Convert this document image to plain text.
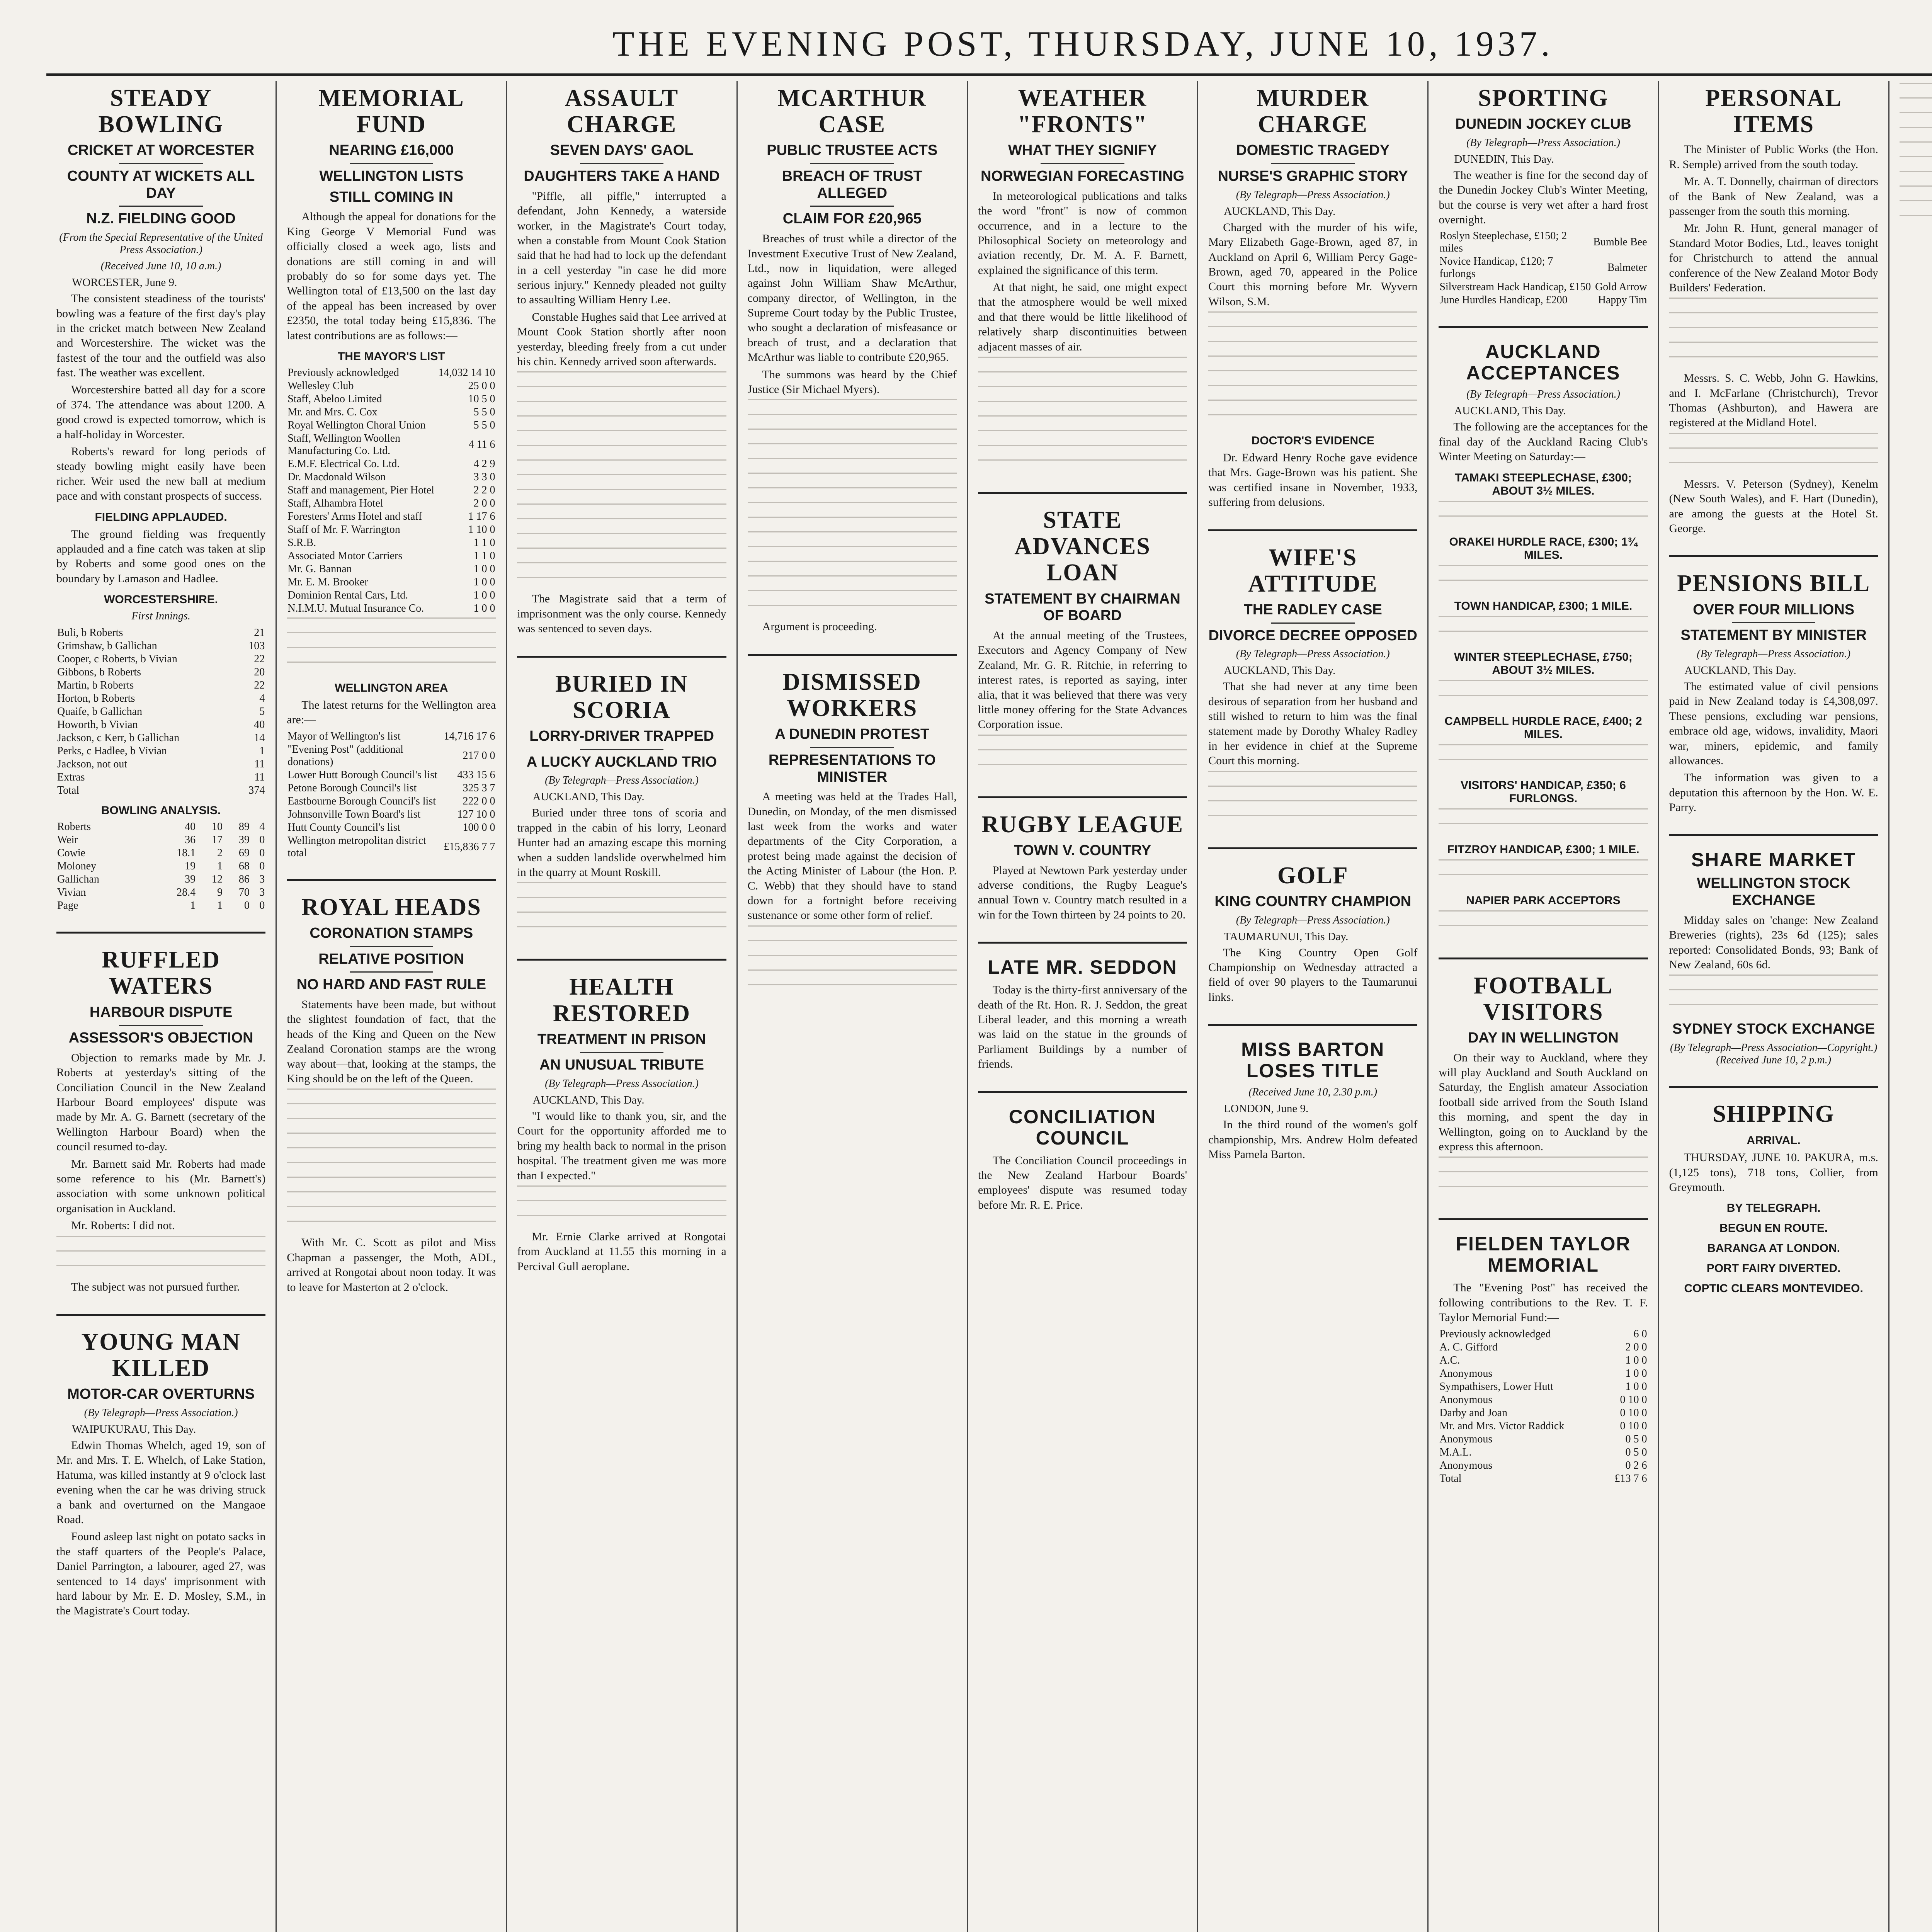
THE EVENING POST, THURSDAY, JUNE 10, 1937.
STEADY BOWLING
CRICKET AT WORCESTER
COUNTY AT WICKETS ALL DAY
N.Z. FIELDING GOOD
(From the Special Representative of the United Press Association.)
(Received June 10, 10 a.m.)
WORCESTER, June 9.

The consistent steadiness of the tourists' bowling was a feature of the first day's play in the cricket match between New Zealand and Worcestershire. The wicket was the fastest of the tour and the outfield was also fast. The weather was excellent.

Worcestershire batted all day for a score of 374. The attendance was about 1200. A good crowd is expected tomorrow, which is a half-holiday in Worcester.

Roberts's reward for long periods of steady bowling might easily have been richer. Weir used the new ball at medium pace and with constant prospects of success.

FIELDING APPLAUDED.

The ground fielding was frequently applauded and a fine catch was taken at slip by Roberts and some good ones on the boundary by Lamason and Hadlee.

WORCESTERSHIRE.
First Innings.
Buli, b Roberts	21
Grimshaw, b Gallichan	103
Cooper, c Roberts, b Vivian	22
Gibbons, b Roberts	20
Martin, b Roberts	22
Horton, b Roberts	4
Quaife, b Gallichan	5
Howorth, b Vivian	40
Jackson, c Kerr, b Gallichan	14
Perks, c Hadlee, b Vivian	1
Jackson, not out	11
Extras	11
Total	374
BOWLING ANALYSIS.
Roberts	40	10	89	4
Weir	36	17	39	0
Cowie	18.1	2	69	0
Moloney	19	1	68	0
Gallichan	39	12	86	3
Vivian	28.4	9	70	3
Page	1	1	0	0
RUFFLED WATERS
HARBOUR DISPUTE
ASSESSOR'S OBJECTION

Objection to remarks made by Mr. J. Roberts at yesterday's sitting of the Conciliation Council in the New Zealand Harbour Board employees' dispute was made by Mr. A. G. Barnett (secretary of the Wellington Harbour Board) when the council resumed to-day.

Mr. Barnett said Mr. Roberts had made some reference to his (Mr. Barnett's) association with some unknown political organisation in Auckland.

Mr. Roberts: I did not.

The subject was not pursued further.

YOUNG MAN KILLED
MOTOR-CAR OVERTURNS
(By Telegraph—Press Association.)
WAIPUKURAU, This Day.

Edwin Thomas Whelch, aged 19, son of Mr. and Mrs. T. E. Whelch, of Lake Station, Hatuma, was killed instantly at 9 o'clock last evening when the car he was driving struck a bank and overturned on the Mangaoe Road.

Found asleep last night on potato sacks in the staff quarters of the People's Palace, Daniel Parrington, a labourer, aged 27, was sentenced to 14 days' imprisonment with hard labour by Mr. E. D. Mosley, S.M., in the Magistrate's Court today.

MEMORIAL FUND
NEARING £16,000
WELLINGTON LISTS
STILL COMING IN

Although the appeal for donations for the King George V Memorial Fund was officially closed a week ago, lists and donations are still coming in and will probably do so for some days yet. The Wellington total of £13,500 on the last day of the appeal has been increased by over £2350, the total today being £15,836. The latest contributions are as follows:—

THE MAYOR'S LIST
Previously acknowledged	14,032 14 10
Wellesley Club	25 0 0
Staff, Abeloo Limited	10 5 0
Mr. and Mrs. C. Cox	5 5 0
Royal Wellington Choral Union	5 5 0
Staff, Wellington Woollen Manufacturing Co. Ltd.	4 11 6
E.M.F. Electrical Co. Ltd.	4 2 9
Dr. Macdonald Wilson	3 3 0
Staff and management, Pier Hotel	2 2 0
Staff, Alhambra Hotel	2 0 0
Foresters' Arms Hotel and staff	1 17 6
Staff of Mr. F. Warrington	1 10 0
S.R.B.	1 1 0
Associated Motor Carriers	1 1 0
Mr. G. Bannan	1 0 0
Mr. E. M. Brooker	1 0 0
Dominion Rental Cars, Ltd.	1 0 0
N.I.M.U. Mutual Insurance Co.	1 0 0
WELLINGTON AREA

The latest returns for the Wellington area are:—

Mayor of Wellington's list	14,716 17 6
"Evening Post" (additional donations)	217 0 0
Lower Hutt Borough Council's list	433 15 6
Petone Borough Council's list	325 3 7
Eastbourne Borough Council's list	222 0 0
Johnsonville Town Board's list	127 10 0
Hutt County Council's list	100 0 0
Wellington metropolitan district total	£15,836 7 7
ROYAL HEADS
CORONATION STAMPS
RELATIVE POSITION
NO HARD AND FAST RULE

Statements have been made, but without the slightest foundation of fact, that the heads of the King and Queen on the New Zealand Coronation stamps are the wrong way about—that, looking at the stamps, the King should be on the left of the Queen.

With Mr. C. Scott as pilot and Miss Chapman a passenger, the Moth, ADL, arrived at Rongotai about noon today. It was to leave for Masterton at 2 o'clock.

ASSAULT CHARGE
SEVEN DAYS' GAOL
DAUGHTERS TAKE A HAND

"Piffle, all piffle," interrupted a defendant, John Kennedy, a waterside worker, in the Magistrate's Court today, when a constable from Mount Cook Station said that he had had to lock up the defendant in a cell yesterday "in case he did more serious injury." Kennedy pleaded not guilty to assaulting William Henry Lee.

Constable Hughes said that Lee arrived at Mount Cook Station shortly after noon yesterday, bleeding freely from a cut under his chin. Kennedy arrived soon afterwards.

The Magistrate said that a term of imprisonment was the only course. Kennedy was sentenced to seven days.

BURIED IN SCORIA
LORRY-DRIVER TRAPPED
A LUCKY AUCKLAND TRIO
(By Telegraph—Press Association.)
AUCKLAND, This Day.

Buried under three tons of scoria and trapped in the cabin of his lorry, Leonard Hunter had an amazing escape this morning when a sudden landslide overwhelmed him in the quarry at Mount Roskill.

HEALTH RESTORED
TREATMENT IN PRISON
AN UNUSUAL TRIBUTE
(By Telegraph—Press Association.)
AUCKLAND, This Day.

"I would like to thank you, sir, and the Court for the opportunity afforded me to bring my health back to normal in the prison hospital. The treatment given me was more than I expected."

Mr. Ernie Clarke arrived at Rongotai from Auckland at 11.55 this morning in a Percival Gull aeroplane.

MCARTHUR CASE
PUBLIC TRUSTEE ACTS
BREACH OF TRUST ALLEGED
CLAIM FOR £20,965

Breaches of trust while a director of the Investment Executive Trust of New Zealand, Ltd., now in liquidation, were alleged against John William Shaw McArthur, company director, of Wellington, in the Supreme Court today by the Public Trustee, who sought a declaration of misfeasance or breach of trust, and a declaration that McArthur was liable to contribute £20,965.

The summons was heard by the Chief Justice (Sir Michael Myers).

Argument is proceeding.

DISMISSED WORKERS
A DUNEDIN PROTEST
REPRESENTATIONS TO MINISTER

A meeting was held at the Trades Hall, Dunedin, on Monday, of the men dismissed last week from the works and water departments of the City Corporation, a protest being made against the decision of the Acting Minister of Labour (the Hon. P. C. Webb) that they should have to stand down for a fortnight before receiving sustenance or some other form of relief.

WEATHER "FRONTS"
WHAT THEY SIGNIFY
NORWEGIAN FORECASTING

In meteorological publications and talks the word "front" is now of common occurrence, and in a lecture to the Philosophical Society on meteorology and aviation recently, Dr. M. A. F. Barnett, explained the significance of this term.

At that night, he said, one might expect that the atmosphere would be well mixed and that there would be little likelihood of relatively sharp discontinuities between adjacent masses of air.

STATE ADVANCES LOAN
STATEMENT BY CHAIRMAN OF BOARD

At the annual meeting of the Trustees, Executors and Agency Company of New Zealand, Mr. G. R. Ritchie, in referring to interest rates, is reported as saying, inter alia, that it was believed that there was very little money offering for the State Advances Corporation issue.

RUGBY LEAGUE
TOWN V. COUNTRY

Played at Newtown Park yesterday under adverse conditions, the Rugby League's annual Town v. Country match resulted in a win for the Town thirteen by 24 points to 20.

LATE MR. SEDDON

Today is the thirty-first anniversary of the death of the Rt. Hon. R. J. Seddon, the great Liberal leader, and this morning a wreath was laid on the statue in the grounds of Parliament Buildings by a number of friends.

CONCILIATION COUNCIL

The Conciliation Council proceedings in the New Zealand Harbour Boards' employees' dispute was resumed today before Mr. R. E. Price.

MURDER CHARGE
DOMESTIC TRAGEDY
NURSE'S GRAPHIC STORY
(By Telegraph—Press Association.)
AUCKLAND, This Day.

Charged with the murder of his wife, Mary Elizabeth Gage-Brown, aged 87, in Auckland on April 6, William Percy Gage-Brown, aged 70, appeared in the Police Court this morning before Mr. Wyvern Wilson, S.M.

DOCTOR'S EVIDENCE

Dr. Edward Henry Roche gave evidence that Mrs. Gage-Brown was his patient. She was certified insane in November, 1933, suffering from delusions.

WIFE'S ATTITUDE
THE RADLEY CASE
DIVORCE DECREE OPPOSED
(By Telegraph—Press Association.)
AUCKLAND, This Day.

That she had never at any time been desirous of separation from her husband and still wished to return to him was the final statement made by Dorothy Whaley Radley in her evidence in chief at the Supreme Court this morning.

GOLF
KING COUNTRY CHAMPION
(By Telegraph—Press Association.)
TAUMARUNUI, This Day.

The King Country Open Golf Championship on Wednesday attracted a field of over 90 players to the Taumarunui links.

MISS BARTON LOSES TITLE
(Received June 10, 2.30 p.m.)
LONDON, June 9.

In the third round of the women's golf championship, Mrs. Andrew Holm defeated Miss Pamela Barton.

SPORTING
DUNEDIN JOCKEY CLUB
(By Telegraph—Press Association.)
DUNEDIN, This Day.

The weather is fine for the second day of the Dunedin Jockey Club's Winter Meeting, but the course is very wet after a hard frost overnight.

Roslyn Steeplechase, £150; 2 miles	Bumble Bee
Novice Handicap, £120; 7 furlongs	Balmeter
Silverstream Hack Handicap, £150	Gold Arrow
June Hurdles Handicap, £200	Happy Tim
AUCKLAND ACCEPTANCES
(By Telegraph—Press Association.)
AUCKLAND, This Day.

The following are the acceptances for the final day of the Auckland Racing Club's Winter Meeting on Saturday:—

TAMAKI STEEPLECHASE, £300; ABOUT 3½ MILES.
ORAKEI HURDLE RACE, £300; 1¾ MILES.
TOWN HANDICAP, £300; 1 MILE.
WINTER STEEPLECHASE, £750; ABOUT 3½ MILES.
CAMPBELL HURDLE RACE, £400; 2 MILES.
VISITORS' HANDICAP, £350; 6 FURLONGS.
FITZROY HANDICAP, £300; 1 MILE.
NAPIER PARK ACCEPTORS
FOOTBALL VISITORS
DAY IN WELLINGTON

On their way to Auckland, where they will play Auckland and South Auckland on Saturday, the English amateur Association football side arrived from the South Island this morning, and spent the day in Wellington, going on to Auckland by the express this afternoon.

FIELDEN TAYLOR MEMORIAL

The "Evening Post" has received the following contributions to the Rev. T. F. Taylor Memorial Fund:—

Previously acknowledged	6 0
A. C. Gifford	2 0 0
A.C.	1 0 0
Anonymous	1 0 0
Sympathisers, Lower Hutt	1 0 0
Anonymous	0 10 0
Darby and Joan	0 10 0
Mr. and Mrs. Victor Raddick	0 10 0
Anonymous	0 5 0
M.A.L.	0 5 0
Anonymous	0 2 6
Total	£13 7 6
PERSONAL ITEMS

The Minister of Public Works (the Hon. R. Semple) arrived from the south today.

Mr. A. T. Donnelly, chairman of directors of the Bank of New Zealand, was a passenger from the south this morning.

Mr. John R. Hunt, general manager of Standard Motor Bodies, Ltd., leaves tonight for Christchurch to attend the annual conference of the New Zealand Motor Body Builders' Federation.

Messrs. S. C. Webb, John G. Hawkins, and I. McFarlane (Christchurch), Trevor Thomas (Ashburton), and Hawera are registered at the Midland Hotel.

Messrs. V. Peterson (Sydney), Kenelm (New South Wales), and F. Hart (Dunedin), are among the guests at the Hotel St. George.

PENSIONS BILL
OVER FOUR MILLIONS
STATEMENT BY MINISTER
(By Telegraph—Press Association.)
AUCKLAND, This Day.

The estimated value of civil pensions paid in New Zealand today is £4,308,097. These pensions, excluding war pensions, embrace old age, widows, invalidity, Maori war, miners, epidemic, and family allowances.

The information was given to a deputation this afternoon by the Hon. W. E. Parry.

SHARE MARKET
WELLINGTON STOCK EXCHANGE

Midday sales on 'change: New Zealand Breweries (rights), 23s 6d (125); sales reported: Consolidated Bonds, 93; Bank of New Zealand, 60s 6d.

SYDNEY STOCK EXCHANGE
(By Telegraph—Press Association—Copyright.) (Received June 10, 2 p.m.)
SHIPPING
ARRIVAL.

THURSDAY, JUNE 10. PAKURA, m.s. (1,125 tons), 718 tons, Collier, from Greymouth.

BY TELEGRAPH.
BEGUN EN ROUTE.
BARANGA AT LONDON.
PORT FAIRY DIVERTED.
COPTIC CLEARS MONTEVIDEO.
